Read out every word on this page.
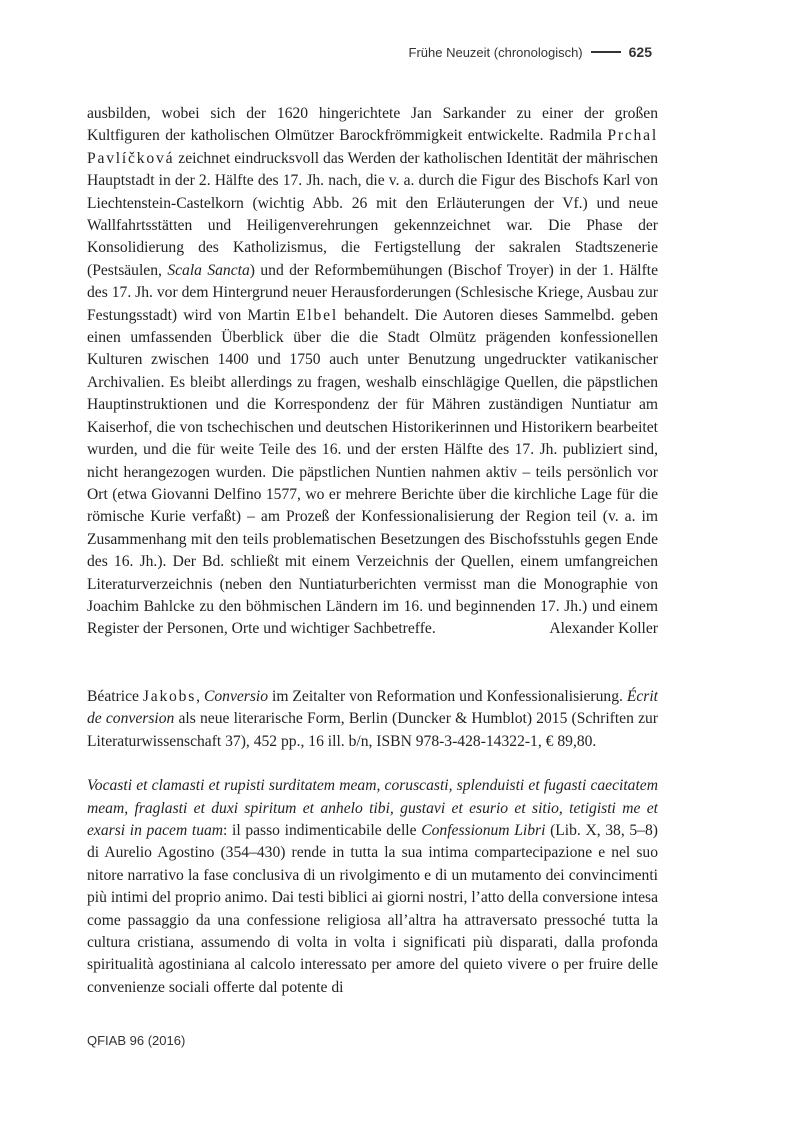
Frühe Neuzeit (chronologisch)	625

ausbilden, wobei sich der 1620 hingerichtete Jan Sarkander zu einer der großen Kultfiguren der katholischen Olmützer Barockfrömmigkeit entwickelte. Radmila Prchal Pavlíčková zeichnet eindrucksvoll das Werden der katholischen Identität der mährischen Hauptstadt in der 2. Hälfte des 17. Jh. nach, die v. a. durch die Figur des Bischofs Karl von Liechtenstein-Castelkorn (wichtig Abb. 26 mit den Erläuterungen der Vf.) und neue Wallfahrtsstätten und Heiligenverehrungen gekennzeichnet war. Die Phase der Konsolidierung des Katholizismus, die Fertigstellung der sakralen Stadtszenerie (Pestsäulen, Scala Sancta) und der Reformbemühungen (Bischof Troyer) in der 1. Hälfte des 17. Jh. vor dem Hintergrund neuer Herausforderungen (Schlesische Kriege, Ausbau zur Festungsstadt) wird von Martin Elbel behandelt. Die Autoren dieses Sammelbd. geben einen umfassenden Überblick über die die Stadt Olmütz prägenden konfessionellen Kulturen zwischen 1400 und 1750 auch unter Benutzung ungedruckter vatikanischer Archivalien. Es bleibt allerdings zu fragen, weshalb einschlägige Quellen, die päpstlichen Hauptinstruktionen und die Korrespondenz der für Mähren zuständigen Nuntiatur am Kaiserhof, die von tschechischen und deutschen Historikerinnen und Historikern bearbeitet wurden, und die für weite Teile des 16. und der ersten Hälfte des 17. Jh. publiziert sind, nicht herangezogen wurden. Die päpstlichen Nuntien nahmen aktiv – teils persönlich vor Ort (etwa Giovanni Delfino 1577, wo er mehrere Berichte über die kirchliche Lage für die römische Kurie verfaßt) – am Prozeß der Konfessionalisierung der Region teil (v. a. im Zusammenhang mit den teils problematischen Besetzungen des Bischofsstuhls gegen Ende des 16. Jh.). Der Bd. schließt mit einem Verzeichnis der Quellen, einem umfangreichen Literaturverzeichnis (neben den Nuntiaturberichten vermisst man die Monographie von Joachim Bahlcke zu den böhmischen Ländern im 16. und beginnenden 17. Jh.) und einem Register der Personen, Orte und wichtiger Sachbetreffe.	Alexander Koller

Béatrice Jakobs, Conversio im Zeitalter von Reformation und Konfessionalisierung. Écrit de conversion als neue literarische Form, Berlin (Duncker & Humblot) 2015 (Schriften zur Literaturwissenschaft 37), 452 pp., 16 ill. b/n, ISBN 978-3-428-14322-1, € 89,80.

Vocasti et clamasti et rupisti surditatem meam, coruscasti, splenduisti et fugasti caecitatem meam, fraglasti et duxi spiritum et anhelo tibi, gustavi et esurio et sitio, tetigisti me et exarsi in pacem tuam: il passo indimenticabile delle Confessionum Libri (Lib. X, 38, 5–8) di Aurelio Agostino (354–430) rende in tutta la sua intima compartecipazione e nel suo nitore narrativo la fase conclusiva di un rivolgimento e di un mutamento dei convincimenti più intimi del proprio animo. Dai testi biblici ai giorni nostri, l’atto della conversione intesa come passaggio da una confessione religiosa all’altra ha attraversato pressoché tutta la cultura cristiana, assumendo di volta in volta i significati più disparati, dalla profonda spiritualità agostiniana al calcolo interessato per amore del quieto vivere o per fruire delle convenienze sociali offerte dal potente di

QFIAB 96 (2016)
